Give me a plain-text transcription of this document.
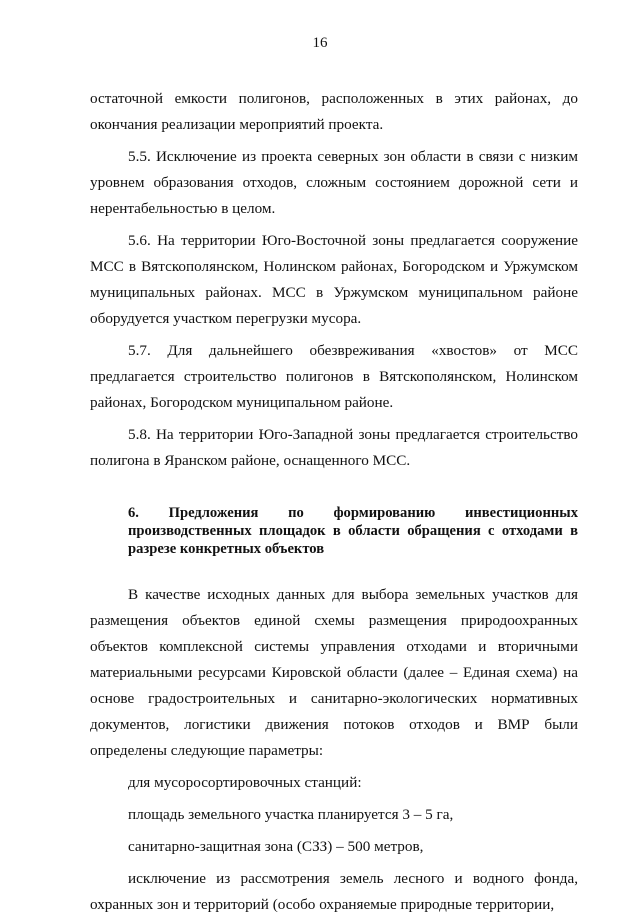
16

остаточной емкости полигонов, расположенных в этих районах, до окончания реализации мероприятий проекта.

5.5. Исключение из проекта северных зон области в связи с низким уровнем образования отходов, сложным состоянием дорожной сети и нерентабельностью в целом.

5.6. На территории Юго-Восточной зоны предлагается сооружение МСС в Вятскополянском, Нолинском районах, Богородском и Уржумском муниципальных районах. МСС в Уржумском муниципальном районе оборудуется участком перегрузки мусора.

5.7. Для дальнейшего обезвреживания «хвостов» от МСС предлагается строительство полигонов в Вятскополянском, Нолинском районах, Богородском муниципальном районе.

5.8. На территории Юго-Западной зоны предлагается строительство полигона в Яранском районе, оснащенного МСС.

6. Предложения по формированию инвестиционных производственных площадок в области обращения с отходами в разрезе конкретных объектов

В качестве исходных данных для выбора земельных участков для размещения объектов единой схемы размещения природоохранных объектов комплексной системы управления отходами и вторичными материальными ресурсами Кировской области (далее – Единая схема) на основе градостроительных и санитарно-экологических нормативных документов, логистики движения потоков отходов и ВМР были определены следующие параметры:

для мусоросортировочных станций:

площадь земельного участка планируется 3 – 5 га,

санитарно-защитная зона (СЗЗ) – 500 метров,

исключение из рассмотрения земель лесного и водного фонда, охранных зон и территорий (особо охраняемые природные территории,
